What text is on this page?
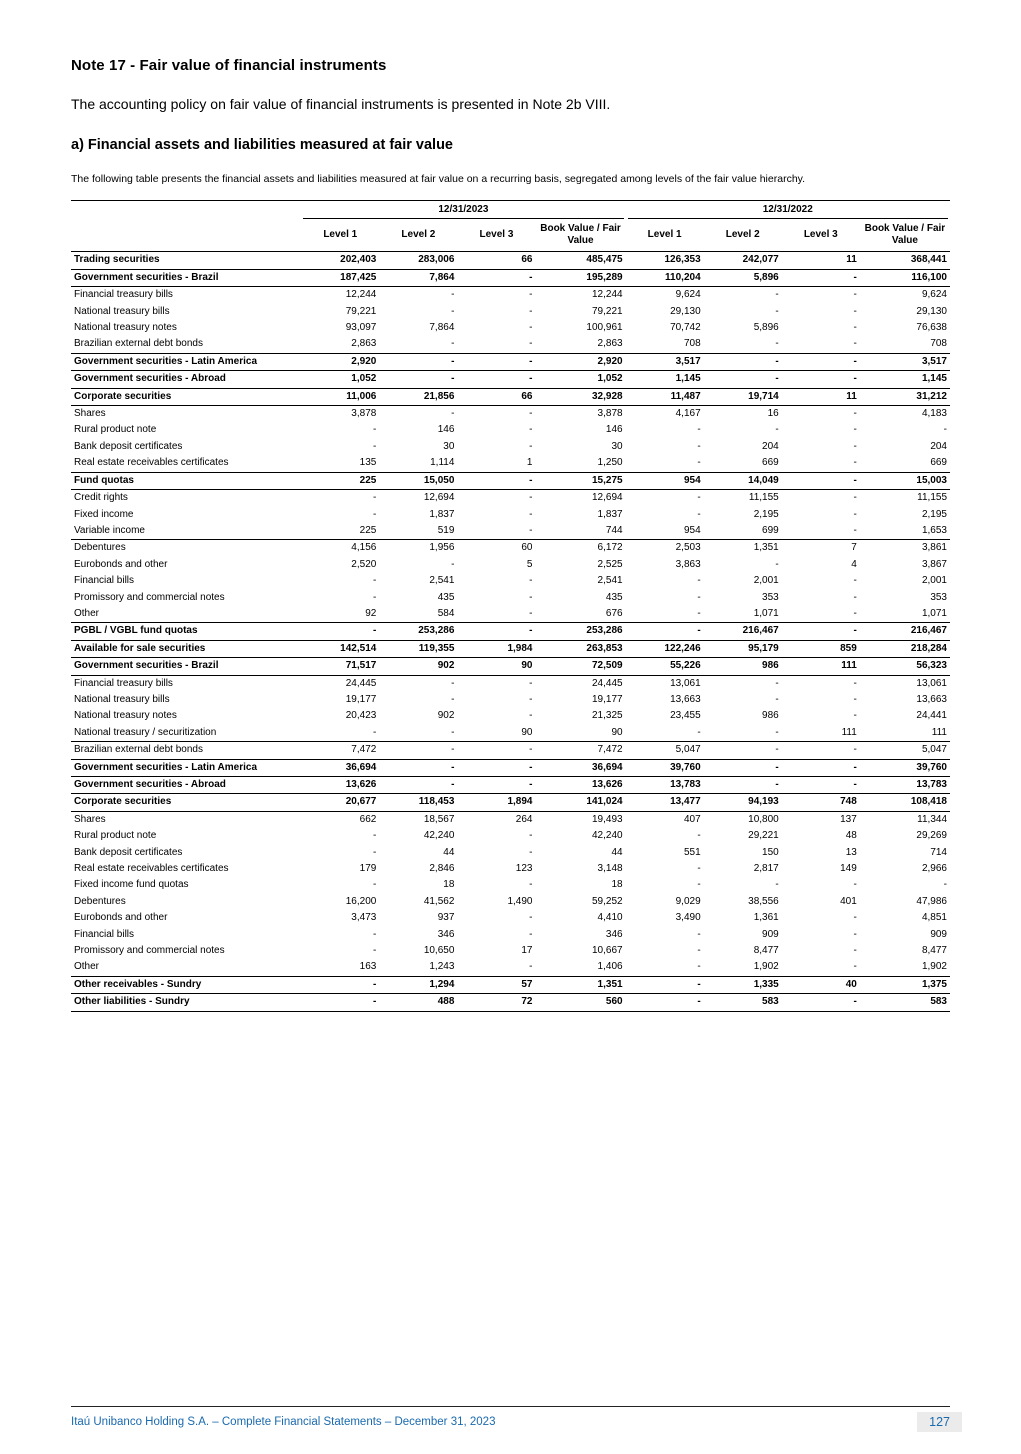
Note 17 - Fair value of financial instruments

The accounting policy on fair value of financial instruments is presented in Note 2b VIII.

a) Financial assets and liabilities measured at fair value

The following table presents the financial assets and liabilities measured at fair value on a recurring basis, segregated among levels of the fair value hierarchy.

	12/31/2023				12/31/2022			

	Level 1	Level 2	Level 3	Book Value / Fair Value	Level 1	Level 2	Level 3	Book Value / Fair Value
Trading securities	202,403	283,006	66	485,475	126,353	242,077	11	368,441
Government securities - Brazil	187,425	7,864	-	195,289	110,204	5,896	-	116,100
Financial treasury bills	12,244	-	-	12,244	9,624	-	-	9,624
National treasury bills	79,221	-	-	79,221	29,130	-	-	29,130
National treasury notes	93,097	7,864	-	100,961	70,742	5,896	-	76,638
Brazilian external debt bonds	2,863	-	-	2,863	708	-	-	708
Government securities - Latin America	2,920	-	-	2,920	3,517	-	-	3,517
Government securities - Abroad	1,052	-	-	1,052	1,145	-	-	1,145
Corporate securities	11,006	21,856	66	32,928	11,487	19,714	11	31,212
Shares	3,878	-	-	3,878	4,167	16	-	4,183
Rural product note	-	146	-	146	-	-	-	-
Bank deposit certificates	-	30	-	30	-	204	-	204
Real estate receivables certificates	135	1,114	1	1,250	-	669	-	669
Fund quotas	225	15,050	-	15,275	954	14,049	-	15,003
Credit rights	-	12,694	-	12,694	-	11,155	-	11,155
Fixed income	-	1,837	-	1,837	-	2,195	-	2,195
Variable income	225	519	-	744	954	699	-	1,653
Debentures	4,156	1,956	60	6,172	2,503	1,351	7	3,861
Eurobonds and other	2,520	-	5	2,525	3,863	-	4	3,867
Financial bills	-	2,541	-	2,541	-	2,001	-	2,001
Promissory and commercial notes	-	435	-	435	-	353	-	353
Other	92	584	-	676	-	1,071	-	1,071
PGBL / VGBL fund quotas	-	253,286	-	253,286	-	216,467	-	216,467
Available for sale securities	142,514	119,355	1,984	263,853	122,246	95,179	859	218,284
Government securities - Brazil	71,517	902	90	72,509	55,226	986	111	56,323
Financial treasury bills	24,445	-	-	24,445	13,061	-	-	13,061
National treasury bills	19,177	-	-	19,177	13,663	-	-	13,663
National treasury notes	20,423	902	-	21,325	23,455	986	-	24,441
National treasury / securitization	-	-	90	90	-	-	111	111
Brazilian external debt bonds	7,472	-	-	7,472	5,047	-	-	5,047
Government securities - Latin America	36,694	-	-	36,694	39,760	-	-	39,760
Government securities - Abroad	13,626	-	-	13,626	13,783	-	-	13,783
Corporate securities	20,677	118,453	1,894	141,024	13,477	94,193	748	108,418
Shares	662	18,567	264	19,493	407	10,800	137	11,344
Rural product note	-	42,240	-	42,240	-	29,221	48	29,269
Bank deposit certificates	-	44	-	44	551	150	13	714
Real estate receivables certificates	179	2,846	123	3,148	-	2,817	149	2,966
Fixed income fund quotas	-	18	-	18	-	-	-	-
Debentures	16,200	41,562	1,490	59,252	9,029	38,556	401	47,986
Eurobonds and other	3,473	937	-	4,410	3,490	1,361	-	4,851
Financial bills	-	346	-	346	-	909	-	909
Promissory and commercial notes	-	10,650	17	10,667	-	8,477	-	8,477
Other	163	1,243	-	1,406	-	1,902	-	1,902
Other receivables - Sundry	-	1,294	57	1,351	-	1,335	40	1,375
Other liabilities - Sundry	-	488	72	560	-	583	-	583
Itaú Unibanco Holding S.A. – Complete Financial Statements – December 31, 2023	127
